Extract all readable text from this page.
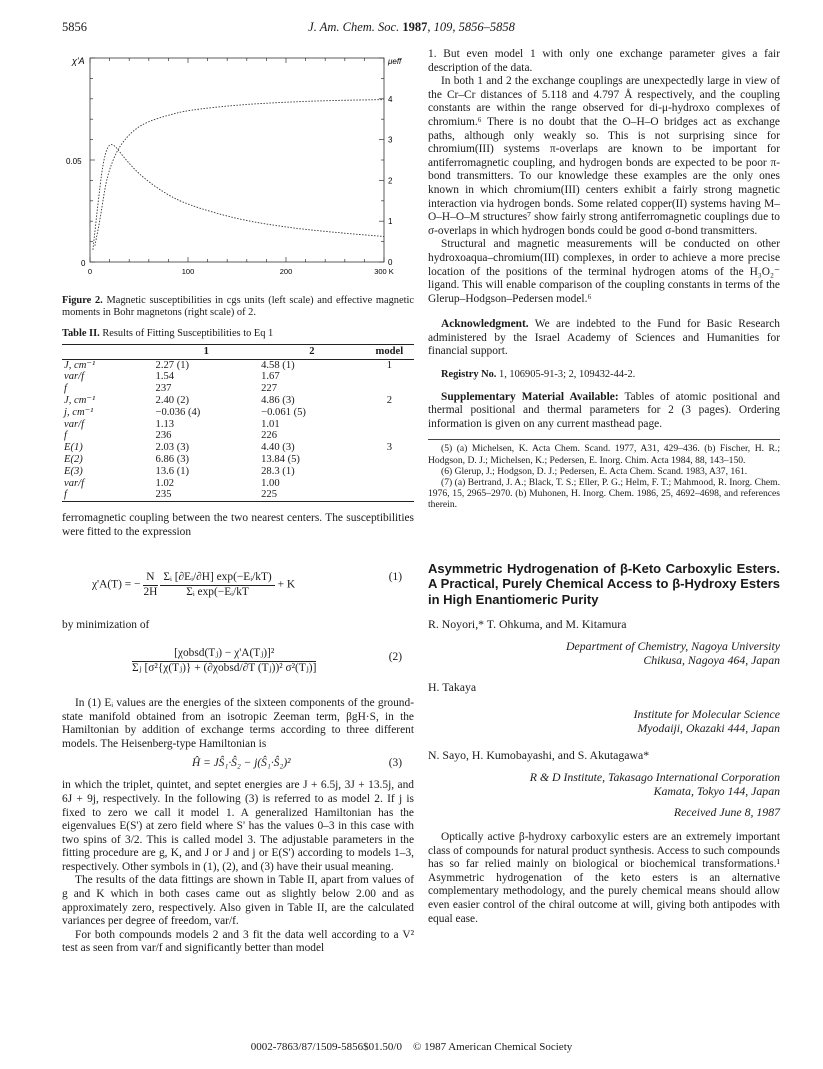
5856	J. Am. Chem. Soc. 1987, 109, 5856–5858
χ'A	μeff
0.05
0
4
3
2
1
0
0	100	200	300 K

Figure 2. Magnetic susceptibilities in cgs units (left scale) and effective magnetic moments in Bohr magnetons (right scale) of 2.

Table II. Results of Fitting Susceptibilities to Eq 1

	1	2	model
J, cm⁻¹	2.27 (1)	4.58 (1)	1
var/f	1.54	1.67	
f	237	227	
J, cm⁻¹	2.40 (2)	4.86 (3)	2
j, cm⁻¹	−0.036 (4)	−0.061 (5)	
var/f	1.13	1.01	
f	236	226	
E(1)	2.03 (3)	4.40 (3)	3
E(2)	6.86 (3)	13.84 (5)	
E(3)	13.6 (1)	28.3 (1)	
var/f	1.02	1.00	
f	235	225	

ferromagnetic coupling between the two nearest centers. The susceptibilities were fitted to the expression

χ'A(T) = − $\frac{N}{2H}$
$\frac{\text{Σᵢ [∂Eᵢ/∂H] exp(−Eᵢ/kT)}}{\text{Σᵢ exp(−Eᵢ/kT}} + K$
(1)

by minimization of

$\frac{\text{[χobsd(Tⱼ) − χ'A(Tⱼ)]²}}{\text{Σⱼ [σ²\{χ(Tⱼ)\} + (∂χobsd/∂T (Tⱼ))² σ²(Tⱼ)]}}$	(2)

In (1) Eᵢ values are the energies of the sixteen components of the ground-state manifold obtained from an isotropic Zeeman term, βgH·S, in the Hamiltonian by addition of exchange terms according to three different models. The Heisenberg-type Hamiltonian is

Ĥ = JŜ₁·Ŝ₂ − j(Ŝ₁·Ŝ₂)²	(3)

in which the triplet, quintet, and septet energies are J + 6.5j, 3J + 13.5j, and 6J + 9j, respectively. In the following (3) is referred to as model 2. If j is fixed to zero we call it model 1. A generalized Hamiltonian has the eigenvalues E(S') at zero field where S' has the values 0–3 in this case with two spins of 3/2. This is called model 3. The adjustable parameters in the fitting procedure are g, K, and J or J and j or E(S') according to models 1–3, respectively. Other symbols in (1), (2), and (3) have their usual meaning.

The results of the data fittings are shown in Table II, apart from values of g and K which in both cases came out as slightly below 2.00 and as approximately zero, respectively. Also given in Table II, are the calculated variances per degree of freedom, var/f.

For both compounds models 2 and 3 fit the data well according to a V² test as seen from var/f and significantly better than model

1. But even model 1 with only one exchange parameter gives a fair description of the data.

In both 1 and 2 the exchange couplings are unexpectedly large in view of the Cr–Cr distances of 5.118 and 4.797 Å respectively, and the coupling constants are within the range observed for di-μ-hydroxo complexes of chromium.⁶ There is no doubt that the O–H–O bridges act as exchange paths, although only weakly so. This is not surprising since for chromium(III) systems π-overlaps are known to be important for antiferromagnetic coupling, and hydrogen bonds are expected to be poor π-bond transmitters. To our knowledge these examples are the only ones known in which chromium(III) centers exhibit a fairly strong magnetic interaction via hydrogen bonds. Some related copper(II) systems having M–O–H–O–M structures⁷ show fairly strong antiferromagnetic couplings due to σ-overlaps in which hydrogen bonds could be good σ-bond transmitters.

Structural and magnetic measurements will be conducted on other hydroxoaqua–chromium(III) complexes, in order to achieve a more precise location of the positions of the terminal hydrogen atoms of the H₃O₂⁻ ligand. This will enable comparison of the coupling constants in terms of the Glerup–Hodgson–Pedersen model.⁶

Acknowledgment. We are indebted to the Fund for Basic Research administered by the Israel Academy of Sciences and Humanities for financial support.

Registry No. 1, 106905-91-3; 2, 109432-44-2.

Supplementary Material Available: Tables of atomic positional and thermal positional and thermal parameters for 2 (3 pages). Ordering information is given on any current masthead page.

(5) (a) Michelsen, K. Acta Chem. Scand. 1977, A31, 429–436. (b) Fischer, H. R.; Hodgson, D. J.; Michelsen, K.; Pedersen, E. Inorg. Chim. Acta 1984, 88, 143–150.

(6) Glerup, J.; Hodgson, D. J.; Pedersen, E. Acta Chem. Scand. 1983, A37, 161.

(7) (a) Bertrand, J. A.; Black, T. S.; Eller, P. G.; Helm, F. T.; Mahmood, R. Inorg. Chem. 1976, 15, 2965–2970. (b) Muhonen, H. Inorg. Chem. 1986, 25, 4692–4698, and references therein.

Asymmetric Hydrogenation of β-Keto Carboxylic Esters. A Practical, Purely Chemical Access to β-Hydroxy Esters in High Enantiomeric Purity

R. Noyori,* T. Ohkuma, and M. Kitamura

Department of Chemistry, Nagoya University

Chikusa, Nagoya 464, Japan

H. Takaya

Institute for Molecular Science

Myodaiji, Okazaki 444, Japan

N. Sayo, H. Kumobayashi, and S. Akutagawa*

R & D Institute, Takasago International Corporation

Kamata, Tokyo 144, Japan

Received June 8, 1987

Optically active β-hydroxy carboxylic esters are an extremely important class of compounds for natural product synthesis. Access to such compounds has so far relied mainly on biological or biochemical transformations.¹ Asymmetric hydrogenation of the keto esters is an alternative complementary methodology, and the purely chemical means should allow even easier control of the chiral outcome at will, giving both antipodes with equal ease.

0002-7863/87/1509-5856$01.50/0 © 1987 American Chemical Society
